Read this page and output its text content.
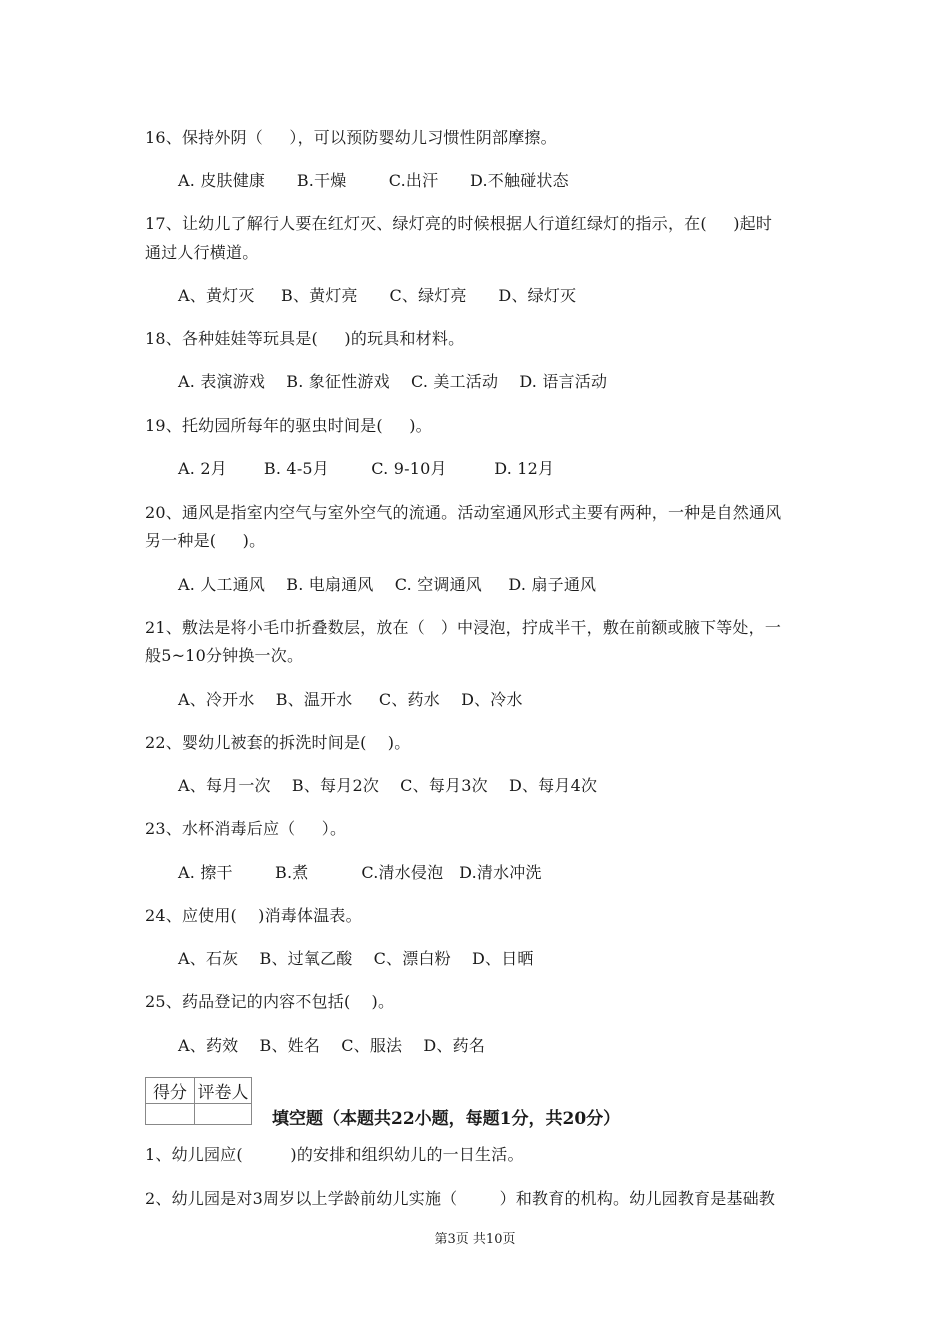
16、保持外阴（     ），可以预防婴幼儿习惯性阴部摩擦。
A. 皮肤健康      B.干燥        C.出汗      D.不触碰状态
17、让幼儿了解行人要在红灯灭、绿灯亮的时候根据人行道红绿灯的指示，在(     )起时
通过人行横道。
A、黄灯灭     B、黄灯亮      C、绿灯亮      D、绿灯灭
18、各种娃娃等玩具是(     )的玩具和材料。
A. 表演游戏    B. 象征性游戏    C. 美工活动    D. 语言活动
19、托幼园所每年的驱虫时间是(     )。
A. 2月       B. 4-5月        C. 9-10月         D. 12月
20、通风是指室内空气与室外空气的流通。活动室通风形式主要有两种，一种是自然通风
另一种是(     )。
A. 人工通风    B. 电扇通风    C. 空调通风     D. 扇子通风
21、敷法是将小毛巾折叠数层，放在（   ）中浸泡，拧成半干，敷在前额或腋下等处，一
般5~10分钟换一次。
A、冷开水    B、温开水     C、药水    D、冷水
22、婴幼儿被套的拆洗时间是(    )。
A、每月一次    B、每月2次    C、每月3次    D、每月4次
23、水杯消毒后应（     ）。
A. 擦干        B.煮          C.清水侵泡   D.清水冲洗
24、应使用(    )消毒体温表。
A、石灰    B、过氧乙酸    C、漂白粉    D、日晒
25、药品登记的内容不包括(    )。
A、药效    B、姓名    C、服法    D、药名
得分	评卷人

填空题（本题共22小题，每题1分，共20分）
1、幼儿园应(         )的安排和组织幼儿的一日生活。
2、幼儿园是对3周岁以上学龄前幼儿实施（        ）和教育的机构。幼儿园教育是基础教
第3页 共10页
